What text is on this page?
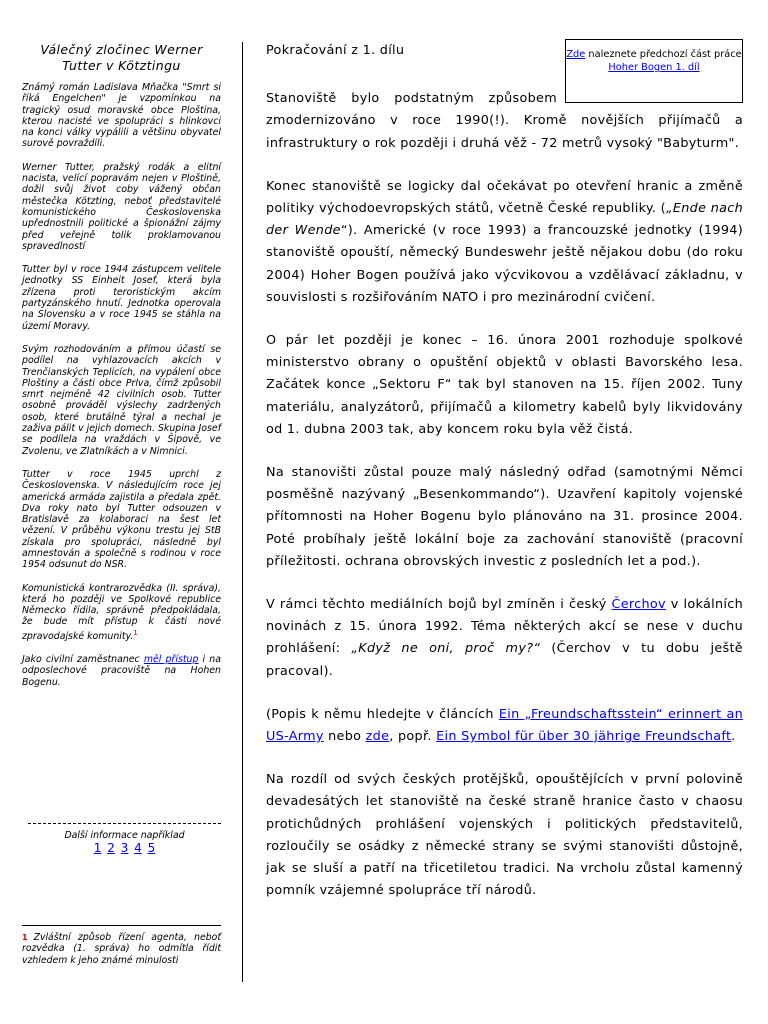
Válečný zločinec Werner Tutter v Kötztingu

Známý román Ladislava Mňačka "Smrt si říká Engelchen" je vzpomínkou na tragický osud moravské obce Ploština, kterou nacisté ve spolupráci s hlinkovci na konci války vypálili a většinu obyvatel surově povraždili.

Werner Tutter, pražský rodák a elitní nacista, velící popravám nejen v Ploštině, dožil svůj život coby vážený občan městečka Kötzting, neboť představitelé komunistického Československa upřednostnili politické a špionážní zájmy před veřejně tolik proklamovanou spravedlností

Tutter byl v roce 1944 zástupcem velitele jednotky SS Einheit Josef, která byla zřízena proti teroristickým akcím partyzánského hnutí. Jednotka operovala na Slovensku a v roce 1945 se stáhla na území Moravy.

Svým rozhodováním a přímou účastí se podílel na vyhlazovacích akcích v Trenčianských Teplicích, na vypálení obce Ploštiny a části obce Prlva, čímž způsobil smrt nejméně 42 civilních osob. Tutter osobně prováděl výslechy zadržených osob, které brutálně týral a nechal je zaživa pálit v jejich domech. Skupina Josef se podílela na vraždách v Šipově, ve Zvolenu, ve Zlatníkách a v Nimnici.

Tutter v roce 1945 uprchl z Československa. V následujícím roce jej americká armáda zajistila a předala zpět. Dva roky nato byl Tutter odsouzen v Bratislavě za kolaboraci na šest let vězení. V průběhu výkonu trestu jej StB získala pro spolupráci, následně byl amnestován a společně s rodinou v roce 1954 odsunut do NSR.

Komunistická kontrarozvědka (II. správa), která ho později ve Spolkové republice Německo řídila, správně předpokládala, že bude mít přístup k části nové zpravodajské komunity.$^1$

Jako civilní zaměstnanec měl přístup i na odposlechové pracoviště na Hohen Bogenu.

Další informace například
1 2 3 4 5
1 Zvláštní způsob řízení agenta, neboť rozvědka (1. správa) ho odmítla řídit vzhledem k jeho známé minulosti
Zde naleznete předchozí část práce Hoher Bogen 1. díl
Pokračování z 1. dílu

Stanoviště bylo podstatným způsobem zmodernizováno v roce 1990(!). Kromě novějších přijímačů a infrastruktury o rok později i druhá věž - 72 metrů vysoký "Babyturm".

Konec stanoviště se logicky dal očekávat po otevření hranic a změně politiky východoevropských států, včetně České republiky. („Ende nach der Wende“). Americké (v roce 1993) a francouzské jednotky (1994) stanoviště opouští, německý Bundeswehr ještě nějakou dobu (do roku 2004) Hoher Bogen používá jako výcvikovou a vzdělávací základnu, v souvislosti s rozšiřováním NATO i pro mezinárodní cvičení.

O pár let později je konec – 16. února 2001 rozhoduje spolkové ministerstvo obrany o opuštění objektů v oblasti Bavorského lesa. Začátek konce „Sektoru F“ tak byl stanoven na 15. říjen 2002. Tuny materiálu, analyzátorů, přijímačů a kilometry kabelů byly likvidovány od 1. dubna 2003 tak, aby koncem roku byla věž čistá.

Na stanovišti zůstal pouze malý následný odřad (samotnými Němci posměšně nazývaný „Besenkommando“). Uzavření kapitoly vojenské přítomnosti na Hoher Bogenu bylo plánováno na 31. prosince 2004. Poté probíhaly ještě lokální boje za zachování stanoviště (pracovní příležitosti. ochrana obrovských investic z posledních let a pod.).

V rámci těchto mediálních bojů byl zmíněn i český Čerchov v lokálních novinách z 15. února 1992. Téma některých akcí se nese v duchu prohlášení: „Když ne oni, proč my?“ (Čerchov v tu dobu ještě pracoval).

(Popis k němu hledejte v článcích Ein „Freundschaftsstein“ erinnert an US-Army nebo zde, popř. Ein Symbol für über 30 jährige Freundschaft.

Na rozdíl od svých českých protějšků, opouštějících v první polovině devadesátých let stanoviště na české straně hranice často v chaosu protichůdných prohlášení vojenských i politických představitelů, rozloučily se osádky z německé strany se svými stanovišti důstojně, jak se sluší a patří na třicetiletou tradici. Na vrcholu zůstal kamenný pomník vzájemné spolupráce tří národů.
